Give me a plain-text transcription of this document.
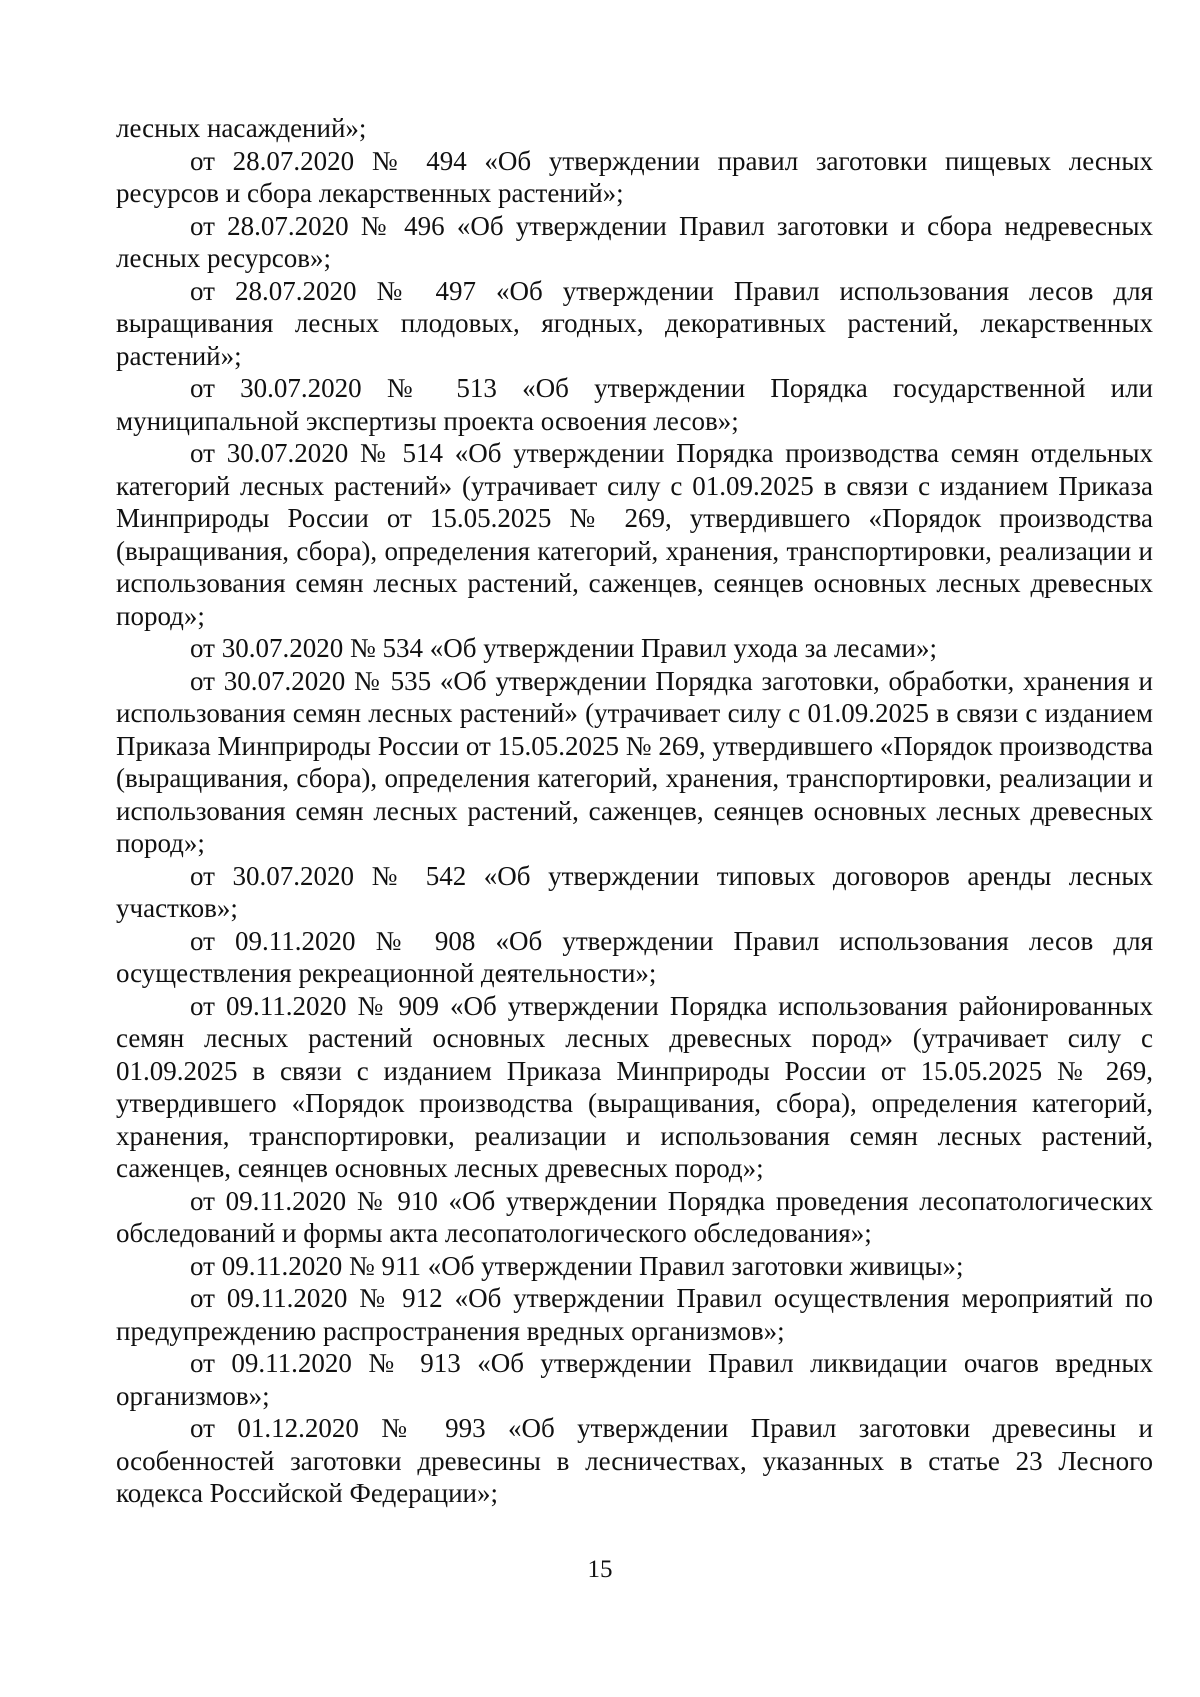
лесных насаждений»;

от 28.07.2020 № 494 «Об утверждении правил заготовки пищевых лесных ресурсов и сбора лекарственных растений»;

от 28.07.2020 № 496 «Об утверждении Правил заготовки и сбора недревесных лесных ресурсов»;

от 28.07.2020 № 497 «Об утверждении Правил использования лесов для выращивания лесных плодовых, ягодных, декоративных растений, лекарственных растений»;

от 30.07.2020 № 513 «Об утверждении Порядка государственной или муниципальной экспертизы проекта освоения лесов»;

от 30.07.2020 № 514 «Об утверждении Порядка производства семян отдельных категорий лесных растений» (утрачивает силу с 01.09.2025 в связи с изданием Приказа Минприроды России от 15.05.2025 № 269, утвердившего «Порядок производства (выращивания, сбора), определения категорий, хранения, транспортировки, реализации и использования семян лесных растений, саженцев, сеянцев основных лесных древесных пород»;

от 30.07.2020 № 534 «Об утверждении Правил ухода за лесами»;

от 30.07.2020 № 535 «Об утверждении Порядка заготовки, обработки, хранения и использования семян лесных растений» (утрачивает силу с 01.09.2025 в связи с изданием Приказа Минприроды России от 15.05.2025 № 269, утвердившего «Порядок производства (выращивания, сбора), определения категорий, хранения, транспортировки, реализации и использования семян лесных растений, саженцев, сеянцев основных лесных древесных пород»;

от 30.07.2020 № 542 «Об утверждении типовых договоров аренды лесных участков»;

от 09.11.2020 № 908 «Об утверждении Правил использования лесов для осуществления рекреационной деятельности»;

от 09.11.2020 № 909 «Об утверждении Порядка использования районированных семян лесных растений основных лесных древесных пород» (утрачивает силу с 01.09.2025 в связи с изданием Приказа Минприроды России от 15.05.2025 № 269, утвердившего «Порядок производства (выращивания, сбора), определения категорий, хранения, транспортировки, реализации и использования семян лесных растений, саженцев, сеянцев основных лесных древесных пород»;

от 09.11.2020 № 910 «Об утверждении Порядка проведения лесопатологических обследований и формы акта лесопатологического обследования»;

от 09.11.2020 № 911 «Об утверждении Правил заготовки живицы»;

от 09.11.2020 № 912 «Об утверждении Правил осуществления мероприятий по предупреждению распространения вредных организмов»;

от 09.11.2020 № 913 «Об утверждении Правил ликвидации очагов вредных организмов»;

от 01.12.2020 № 993 «Об утверждении Правил заготовки древесины и особенностей заготовки древесины в лесничествах, указанных в статье 23 Лесного кодекса Российской Федерации»;

15
